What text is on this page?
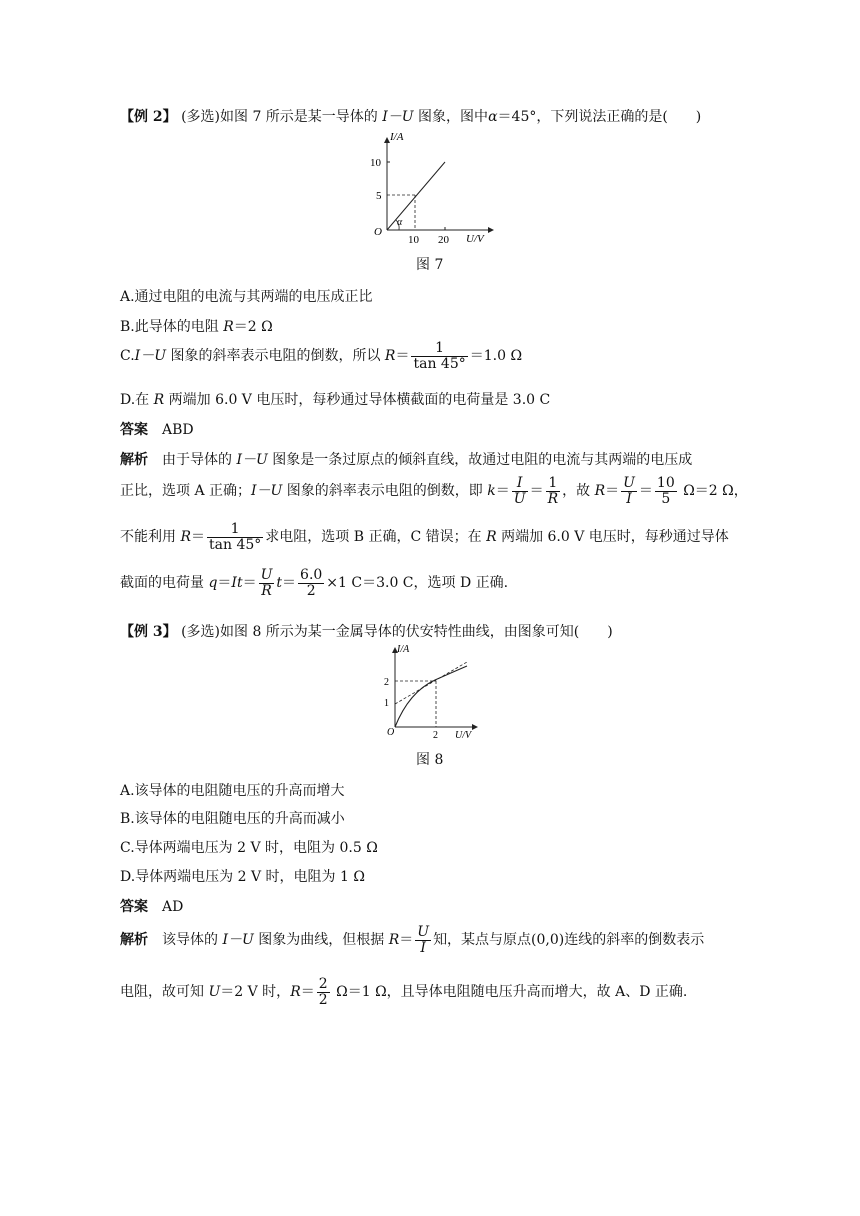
【例 2】 (多选)如图 7 所示是某一导体的 I－U 图象，图中α＝45°，下列说法正确的是(　　)
I/A
U/V
O
10
5
10 20
α
图 7
A.通过电阻的电流与其两端的电压成正比
B.此导体的电阻 R＝2 Ω
C.I－U 图象的斜率表示电阻的倒数，所以 $R= \frac{1}{\tan 45^\circ} =1.0$ Ω
D.在 R 两端加 6.0 V 电压时，每秒通过导体横截面的电荷量是 3.0 C
答案  ABD
解析  由于导体的 I－U 图象是一条过原点的倾斜直线，故通过电阻的电流与其两端的电压成
正比，选项 A 正确；I－U 图象的斜率表示电阻的倒数，即 $k= \frac{I}{U} = \frac{1}{R}$ ，故 $R= \frac{U}{I} = \frac{10}{5} \Omega=2$ Ω，
不能利用 $R= \frac{1}{\tan 45^\circ}$ 求电阻，选项 B 正确，C 错误；在 R 两端加 6.0 V 电压时，每秒通过导体
截面的电荷量 $q=It= \frac{U}{R} t= \frac{6.0}{2} \times 1$ C＝3.0 C，选项 D 正确.
【例 3】 (多选)如图 8 所示为某一金属导体的伏安特性曲线，由图象可知(　　)
I/A
U/V
O
2
1
2
图 8
A.该导体的电阻随电压的升高而增大
B.该导体的电阻随电压的升高而减小
C.导体两端电压为 2 V 时，电阻为 0.5 Ω
D.导体两端电压为 2 V 时，电阻为 1 Ω
答案  AD
解析  该导体的 I－U 图象为曲线，但根据 $R= \frac{U}{I}$ 知，某点与原点(0,0)连线的斜率的倒数表示
电阻，故可知 U＝2 V 时，$R= \frac{2}{2} \Omega=1$ Ω，且导体电阻随电压升高而增大，故 A、D 正确.
